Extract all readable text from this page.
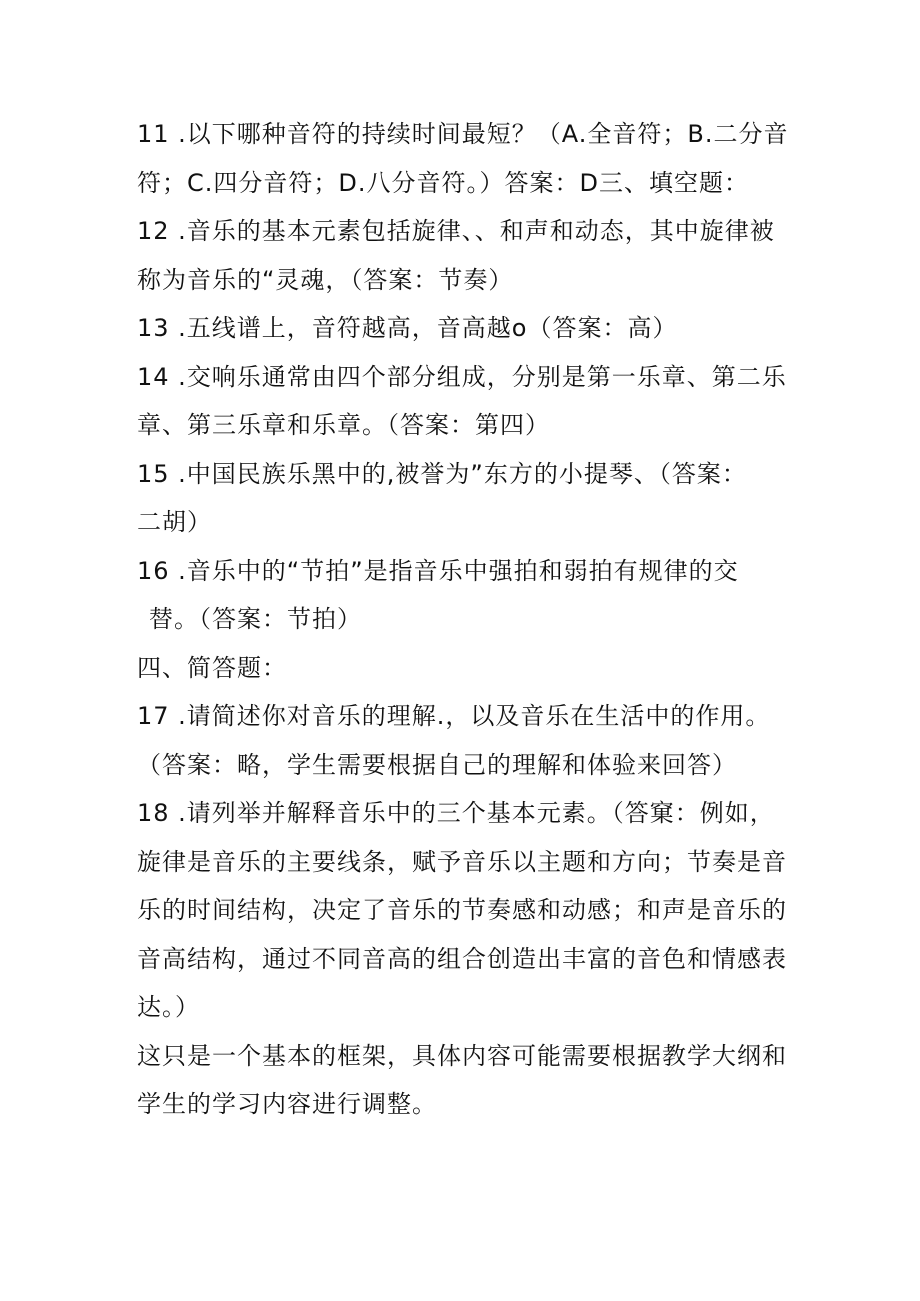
11 .以下哪种音符的持续时间最短？（A.全音符；B.二分音
符；C.四分音符；D.八分音符。）答案：D三、填空题：
12 .音乐的基本元素包括旋律、、和声和动态，其中旋律被
称为音乐的“灵魂，（答案：节奏）
13 .五线谱上，音符越高，音高越o（答案：高）
14 .交响乐通常由四个部分组成，分别是第一乐章、第二乐
章、第三乐章和乐章。（答案：第四）
15 .中国民族乐黑中的,被誉为”东方的小提琴、（答案：
二胡）
16 .音乐中的“节拍”是指音乐中强拍和弱拍有规律的交
替。（答案：节拍）
四、简答题：
17 .请简述你对音乐的理解.，以及音乐在生活中的作用。
（答案：略，学生需要根据自己的理解和体验来回答）
18 .请列举并解释音乐中的三个基本元素。（答窠：例如，
旋律是音乐的主要线条，赋予音乐以主题和方向；节奏是音
乐的时间结构，决定了音乐的节奏感和动感；和声是音乐的
音高结构，通过不同音高的组合创造出丰富的音色和情感表
达。）
这只是一个基本的框架，具体内容可能需要根据教学大纲和
学生的学习内容进行调整。
